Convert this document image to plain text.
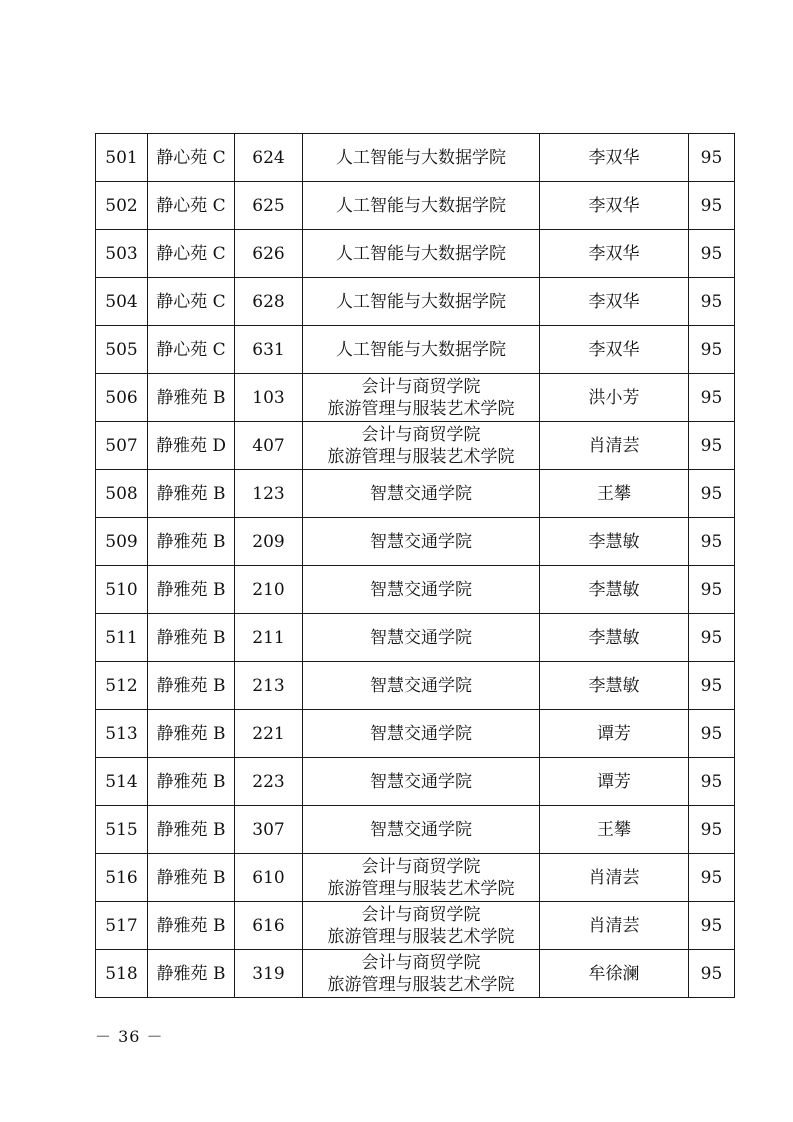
501	静心苑 C	624	人工智能与大数据学院	李双华	95
502	静心苑 C	625	人工智能与大数据学院	李双华	95
503	静心苑 C	626	人工智能与大数据学院	李双华	95
504	静心苑 C	628	人工智能与大数据学院	李双华	95
505	静心苑 C	631	人工智能与大数据学院	李双华	95
506	静雅苑 B	103	会计与商贸学院
旅游管理与服装艺术学院	洪小芳	95
507	静雅苑 D	407	会计与商贸学院
旅游管理与服装艺术学院	肖清芸	95
508	静雅苑 B	123	智慧交通学院	王攀	95
509	静雅苑 B	209	智慧交通学院	李慧敏	95
510	静雅苑 B	210	智慧交通学院	李慧敏	95
511	静雅苑 B	211	智慧交通学院	李慧敏	95
512	静雅苑 B	213	智慧交通学院	李慧敏	95
513	静雅苑 B	221	智慧交通学院	谭芳	95
514	静雅苑 B	223	智慧交通学院	谭芳	95
515	静雅苑 B	307	智慧交通学院	王攀	95
516	静雅苑 B	610	会计与商贸学院
旅游管理与服装艺术学院	肖清芸	95
517	静雅苑 B	616	会计与商贸学院
旅游管理与服装艺术学院	肖清芸	95
518	静雅苑 B	319	会计与商贸学院
旅游管理与服装艺术学院	牟徐澜	95
－ 36 －
